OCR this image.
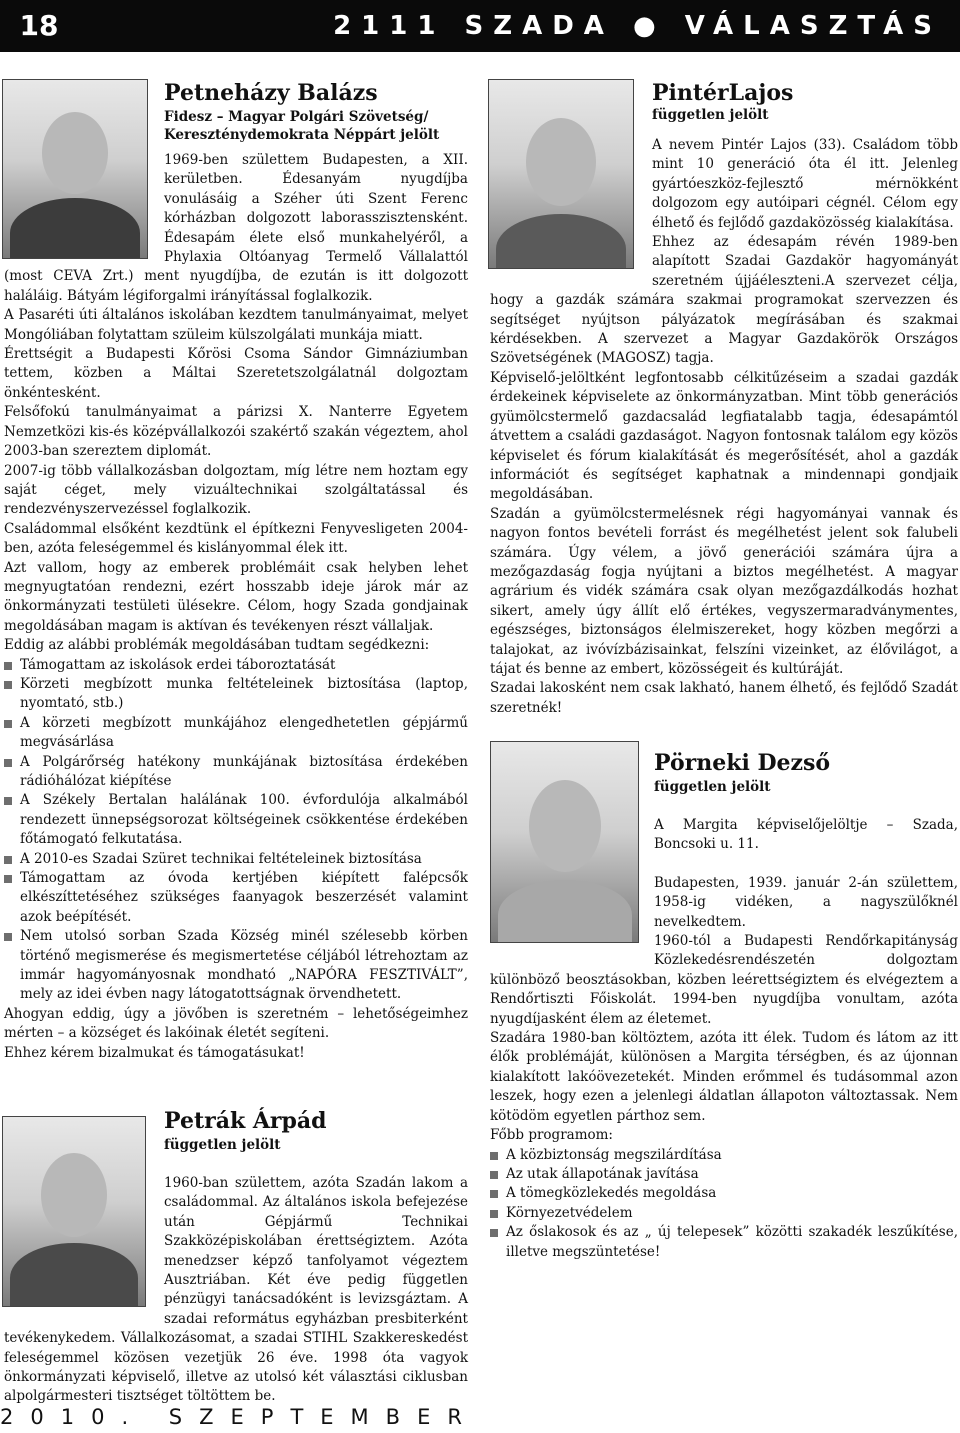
18	2111 SZADA ● VÁLASZTÁS
Petneházy Balázs
Fidesz – Magyar Polgári Szövetség/ Kereszténydemokrata Néppárt jelölt

1969-ben születtem Budapesten, a XII. kerületben. Édesanyám nyugdíjba vonulásáig a Széher úti Szent Ferenc kórházban dolgozott laborasszisztensként. Édesapám élete első munkahelyéről, a Phylaxia Oltóanyag Termelő Vállalattól (most CEVA Zrt.) ment nyugdíjba, de ezután is itt dolgozott haláláig. Bátyám légiforgalmi irányítással foglalkozik.

A Pasaréti úti általános iskolában kezdtem tanulmányaimat, melyet Mongóliában folytattam szüleim külszolgálati munkája miatt.

Érettségit a Budapesti Kőrösi Csoma Sándor Gimnáziumban tettem, közben a Máltai Szeretetszolgálatnál dolgoztam önkéntesként.

Felsőfokú tanulmányaimat a párizsi X. Nanterre Egyetem Nemzetközi kis-és középvállalkozói szakértő szakán végeztem, ahol 2003-ban szereztem diplomát.

2007-ig több vállalkozásban dolgoztam, míg létre nem hoztam egy saját céget, mely vizuáltechnikai szolgáltatással és rendezvényszervezéssel foglalkozik.

Családommal elsőként kezdtünk el építkezni Fenyvesligeten 2004-ben, azóta feleségemmel és kislányommal élek itt.

Azt vallom, hogy az emberek problémáit csak helyben lehet megnyugtatóan rendezni, ezért hosszabb ideje járok már az önkormányzati testületi ülésekre. Célom, hogy Szada gondjainak megoldásában magam is aktívan és tevékenyen részt vállaljak.

Eddig az alábbi problémák megoldásában tudtam segédkezni:

Támogattam az iskolások erdei táboroztatását
Körzeti megbízott munka feltételeinek biztosítása (laptop, nyomtató, stb.)
A körzeti megbízott munkájához elengedhetetlen gépjármű megvásárlása
A Polgárőrség hatékony munkájának biztosítása érdekében rádióhálózat kiépítése
A Székely Bertalan halálának 100. évfordulója alkalmából rendezett ünnepségsorozat költségeinek csökkentése érdekében főtámogató felkutatása.
A 2010-es Szadai Szüret technikai feltételeinek biztosítása
Támogattam az óvoda kertjében kiépített falépcsők elkészíttetéséhez szükséges faanyagok beszerzését valamint azok beépítését.
Nem utolsó sorban Szada Község minél szélesebb körben történő megismerése és megismertetése céljából létrehoztam az immár hagyományosnak mondható „NAPÓRA FESZTIVÁLT”, mely az idei évben nagy látogatottságnak örvendhetett.

Ahogyan eddig, úgy a jövőben is szeretném – lehetőségeimhez mérten – a községet és lakóinak életét segíteni.

Ehhez kérem bizalmukat és támogatásukat!

Petrák Árpád
független jelölt

1960-ban születtem, azóta Szadán lakom a családommal. Az általános iskola befejezése után Gépjármű Technikai Szakközépiskolában érettségiztem. Azóta menedzser képző tanfolyamot végeztem Ausztriában. Két éve pedig független pénzügyi tanácsadóként is levizsgáztam. A szadai református egyházban presbiterként tevékenykedem. Vállalkozásomat, a szadai STIHL Szakkereskedést feleségemmel közösen vezetjük 26 éve. 1998 óta vagyok önkormányzati képviselő, illetve az utolsó két választási ciklusban alpolgármesteri tisztséget töltöttem be.

PintérLajos
független jelölt

A nevem Pintér Lajos (33). Családom több mint 10 generáció óta él itt. Jelenleg gyártóeszköz-fejlesztő mérnökként dolgozom egy autóipari cégnél. Célom egy élhető és fejlődő gazdaközösség kialakítása.

Ehhez az édesapám révén 1989-ben alapított Szadai Gazdakör hagyományát szeretném újjáéleszteni.A szervezet célja, hogy a gazdák számára szakmai programokat szervezzen és segítséget nyújtson pályázatok megírásában és szakmai kérdésekben. A szervezet a Magyar Gazdakörök Országos Szövetségének (MAGOSZ) tagja.

Képviselő-jelöltként legfontosabb célkitűzéseim a szadai gazdák érdekeinek képviselete az önkormányzatban. Mint több generációs gyümölcstermelő gazdacsalád legfiatalabb tagja, édesapámtól átvettem a családi gazdaságot. Nagyon fontosnak találom egy közös képviselet és fórum kialakítását és megerősítését, ahol a gazdák információt és segítséget kaphatnak a mindennapi gondjaik megoldásában.

Szadán a gyümölcstermelésnek régi hagyományai vannak és nagyon fontos bevételi forrást és megélhetést jelent sok falubeli számára. Úgy vélem, a jövő generációi számára újra a mezőgazdaság fogja nyújtani a biztos megélhetést. A magyar agrárium és vidék számára csak olyan mezőgazdálkodás hozhat sikert, amely úgy állít elő értékes, vegyszermaradványmentes, egészséges, biztonságos élelmiszereket, hogy közben megőrzi a talajokat, az ivóvízbázisainkat, felszíni vizeinket, az élővilágot, a tájat és benne az embert, közösségeit és kultúráját.

Szadai lakosként nem csak lakható, hanem élhető, és fejlődő Szadát szeretnék!

Pörneki Dezső
független jelölt

A Margita képviselőjelöltje – Szada, Boncsoki u. 11.

Budapesten, 1939. január 2-án születtem, 1958-ig vidéken, a nagyszülőknél nevelkedtem.

1960-tól a Budapesti Rendőrkapitányság Közlekedésrendészetén dolgoztam különböző beosztásokban, közben leérettségiztem és elvégeztem a Rendőrtiszti Főiskolát. 1994-ben nyugdíjba vonultam, azóta nyugdíjasként élem az életemet.

Szadára 1980-ban költöztem, azóta itt élek. Tudom és látom az itt élők problémáját, különösen a Margita térségben, és az újonnan kialakított lakóövezetekét. Minden erőmmel és tudásommal azon leszek, hogy ezen a jelenlegi áldatlan állapoton változtassak. Nem kötödöm egyetlen párthoz sem.

Főbb programom:

A közbiztonság megszilárdítása
Az utak állapotának javítása
A tömegközlekedés megoldása
Környezetvédelem
Az őslakosok és az „ új telepesek” közötti szakadék leszűkítése, illetve megszüntetése!
2010. SZEPTEMBER
